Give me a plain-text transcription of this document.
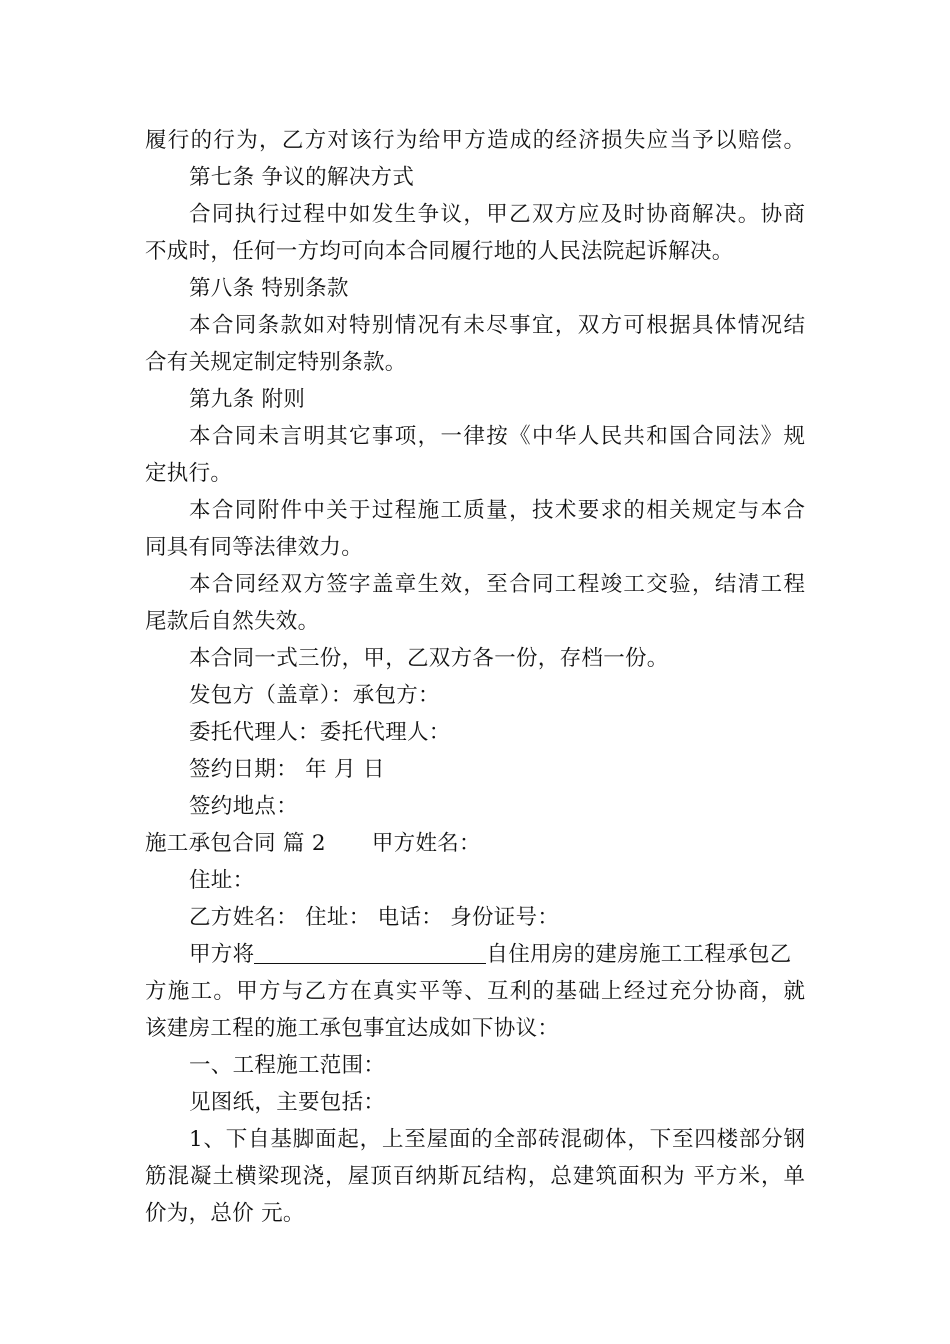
履行的行为，乙方对该行为给甲方造成的经济损失应当予以赔偿。
第七条 争议的解决方式
合同执行过程中如发生争议，甲乙双方应及时协商解决。协商
不成时，任何一方均可向本合同履行地的人民法院起诉解决。
第八条 特别条款
本合同条款如对特别情况有未尽事宜，双方可根据具体情况结
合有关规定制定特别条款。
第九条 附则
本合同未言明其它事项，一律按《中华人民共和国合同法》规
定执行。
本合同附件中关于过程施工质量，技术要求的相关规定与本合
同具有同等法律效力。
本合同经双方签字盖章生效，至合同工程竣工交验，结清工程
尾款后自然失效。
本合同一式三份，甲，乙双方各一份，存档一份。
发包方（盖章）：承包方：
委托代理人：委托代理人：
签约日期： 年 月 日
签约地点：
施工承包合同 篇 2 甲方姓名：
住址：
乙方姓名： 住址： 电话： 身份证号：
甲方将	自住用房的建房施工工程承包乙
方施工。甲方与乙方在真实平等、互利的基础上经过充分协商，就
该建房工程的施工承包事宜达成如下协议：
一、工程施工范围：
见图纸，主要包括：
1、下自基脚面起，上至屋面的全部砖混砌体，下至四楼部分钢
筋混凝土横梁现浇，屋顶百纳斯瓦结构，总建筑面积为 平方米，单
价为，总价 元。
